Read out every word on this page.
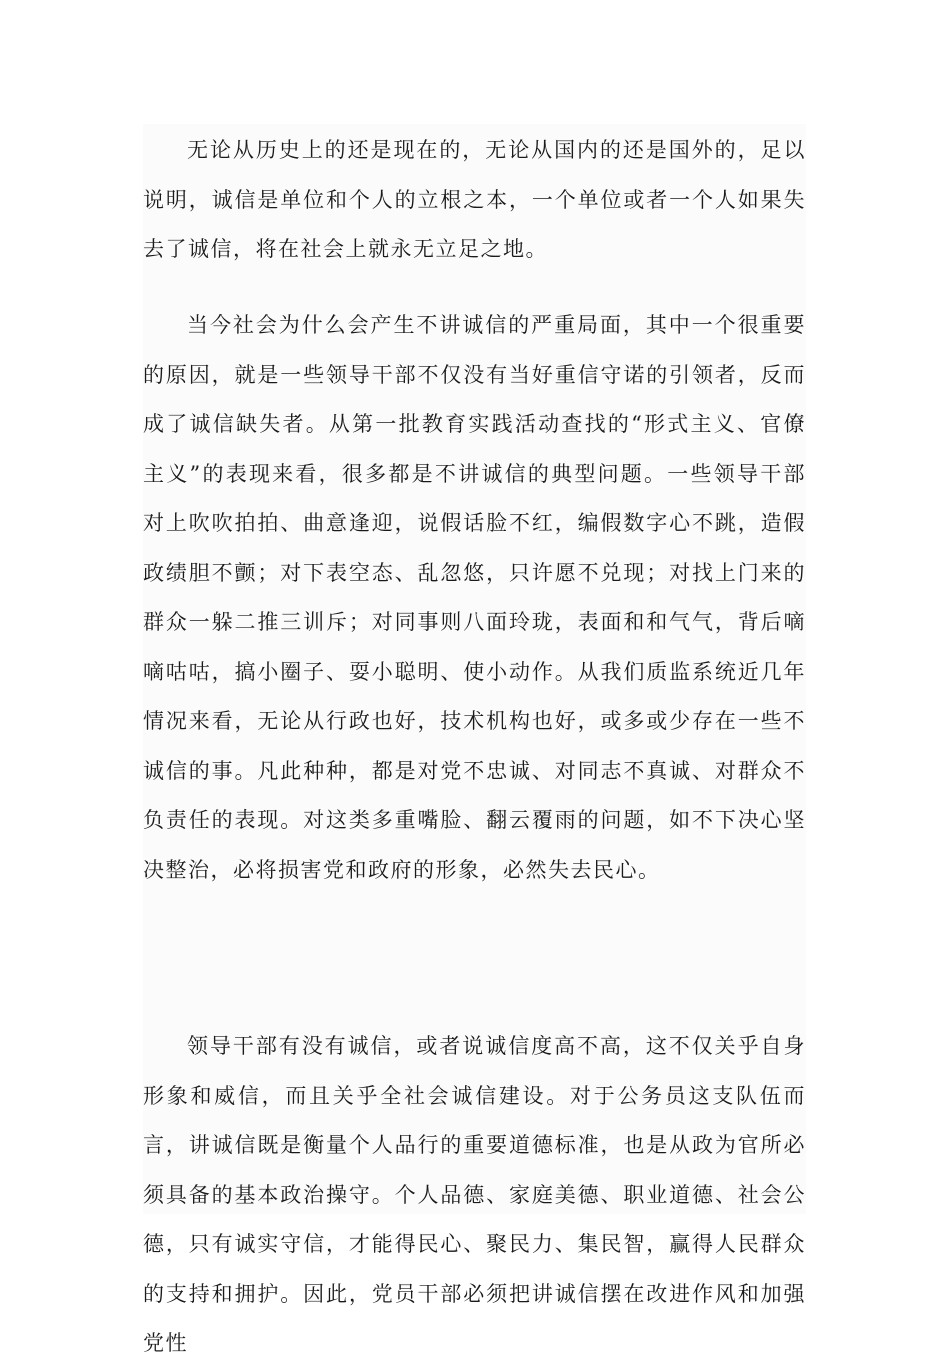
无论从历史上的还是现在的，无论从国内的还是国外的，足以说明，诚信是单位和个人的立根之本，一个单位或者一个人如果失去了诚信，将在社会上就永无立足之地。

当今社会为什么会产生不讲诚信的严重局面，其中一个很重要的原因，就是一些领导干部不仅没有当好重信守诺的引领者，反而成了诚信缺失者。从第一批教育实践活动查找的“形式主义、官僚主义”的表现来看，很多都是不讲诚信的典型问题。一些领导干部对上吹吹拍拍、曲意逢迎，说假话脸不红，编假数字心不跳，造假政绩胆不颤；对下表空态、乱忽悠，只许愿不兑现；对找上门来的群众一躲二推三训斥；对同事则八面玲珑，表面和和气气，背后嘀嘀咕咕，搞小圈子、耍小聪明、使小动作。从我们质监系统近几年情况来看，无论从行政也好，技术机构也好，或多或少存在一些不诚信的事。凡此种种，都是对党不忠诚、对同志不真诚、对群众不负责任的表现。对这类多重嘴脸、翻云覆雨的问题，如不下决心坚决整治，必将损害党和政府的形象，必然失去民心。

领导干部有没有诚信，或者说诚信度高不高，这不仅关乎自身形象和威信，而且关乎全社会诚信建设。对于公务员这支队伍而言，讲诚信既是衡量个人品行的重要道德标准，也是从政为官所必须具备的基本政治操守。个人品德、家庭美德、职业道德、社会公德，只有诚实守信，才能得民心、聚民力、集民智，赢得人民群众的支持和拥护。因此，党员干部必须把讲诚信摆在改进作风和加强党性
